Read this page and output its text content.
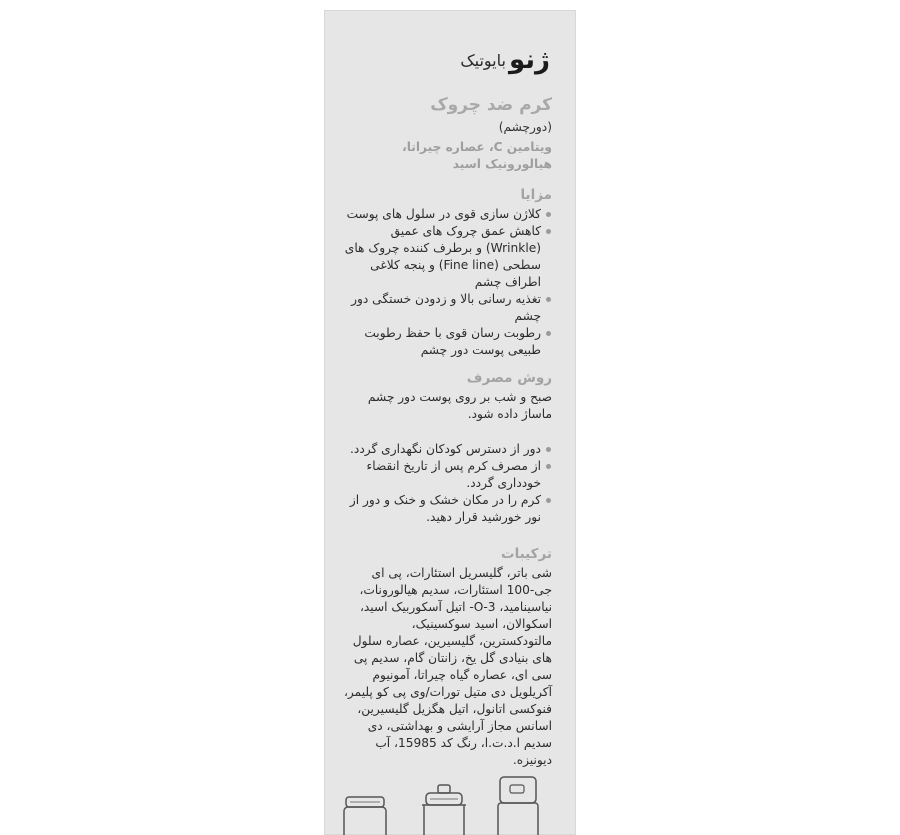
بایوتیک ژنو
کرم ضد چروک
(دورچشم)
ویتامین C، عصاره چیراتا،
هیالورونیک اسید
مزایا
کلاژن سازی قوی در سلول های پوست
کاهش عمق چروک های عمیق (Wrinkle) و برطرف کننده چروک های سطحی (Fine line) و پنجه کلاغی اطراف چشم
تغذیه رسانی بالا و زدودن خستگی دور چشم
رطوبت رسان قوی با حفظ رطوبت طبیعی پوست دور چشم
روش مصرف
صبح و شب بر روی پوست دور چشم ماساژ داده شود.
دور از دسترس کودکان نگهداری گردد.
از مصرف کرم پس از تاریخ انقضاء خودداری گردد.
کرم را در مکان خشک و خنک و دور از نور خورشید قرار دهید.
ترکیبات
شی باتر، گلیسریل استئارات، پی ای جی-100 استئارات، سدیم هیالورونات، نیاسینامید، 3-O- اتیل آسکوربیک اسید، اسکوالان، اسید سوکسینیک، مالتودکسترین، گلیسیرین، عصاره سلول های بنیادی گل یخ، زانتان گام، سدیم پی سی ای، عصاره گیاه چیراتا، آمونیوم آکریلویل دی متیل تورات/وی پی کو پلیمر، فنوکسی اتانول، اتیل هگزیل گلیسیرین، اسانس مجاز آرایشی و بهداشتی، دی سدیم ا.د.ت.ا، رنگ کد 15985، آب دیونیزه.
